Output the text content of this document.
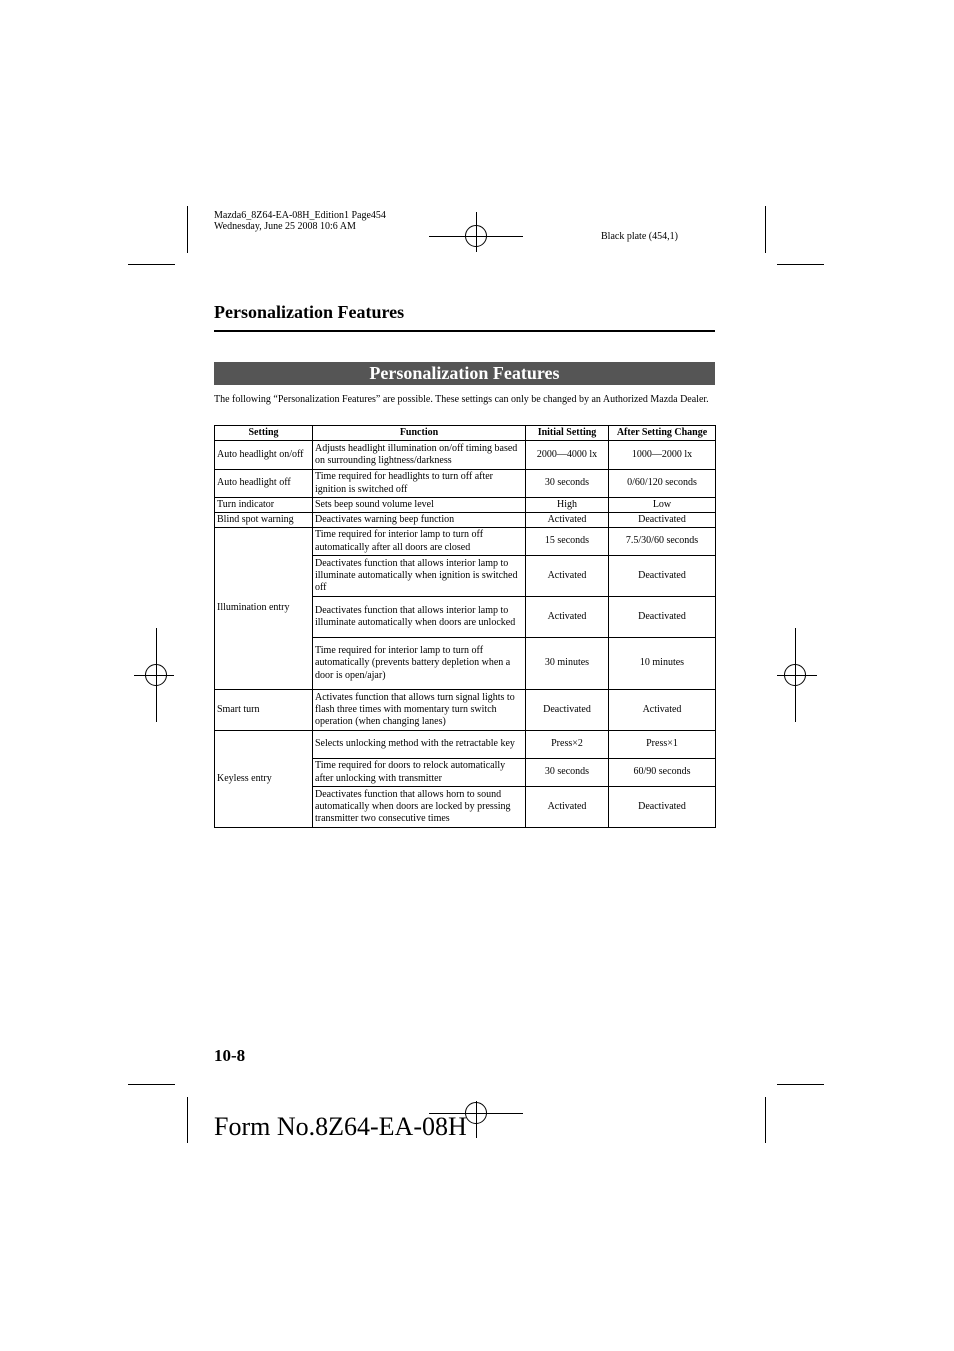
Mazda6_8Z64-EA-08H_Edition1 Page454
Wednesday, June 25 2008 10:6 AM
Black plate (454,1)
Personalization Features
Personalization Features
The following “Personalization Features” are possible. These settings can only be changed by an Authorized Mazda Dealer.
Setting	Function	Initial Setting	After Setting Change
Auto headlight on/off	Adjusts headlight illumination on/off timing based on surrounding lightness/darkness	2000—4000 lx	1000—2000 lx
Auto headlight off	Time required for headlights to turn off after ignition is switched off	30 seconds	0/60/120 seconds
Turn indicator	Sets beep sound volume level	High	Low
Blind spot warning	Deactivates warning beep function	Activated	Deactivated
Illumination entry	Time required for interior lamp to turn off automatically after all doors are closed	15 seconds	7.5/30/60 seconds
	Deactivates function that allows interior lamp to illuminate automatically when ignition is switched off	Activated	Deactivated
	Deactivates function that allows interior lamp to illuminate automatically when doors are unlocked	Activated	Deactivated
	Time required for interior lamp to turn off automatically (prevents battery depletion when a door is open/ajar)	30 minutes	10 minutes
Smart turn	Activates function that allows turn signal lights to flash three times with momentary turn switch operation (when changing lanes)	Deactivated	Activated
Keyless entry	Selects unlocking method with the retractable key	Press×2	Press×1
	Time required for doors to relock automatically after unlocking with transmitter	30 seconds	60/90 seconds
	Deactivates function that allows horn to sound automatically when doors are locked by pressing transmitter two consecutive times	Activated	Deactivated
10-8
Form No.8Z64-EA-08H
